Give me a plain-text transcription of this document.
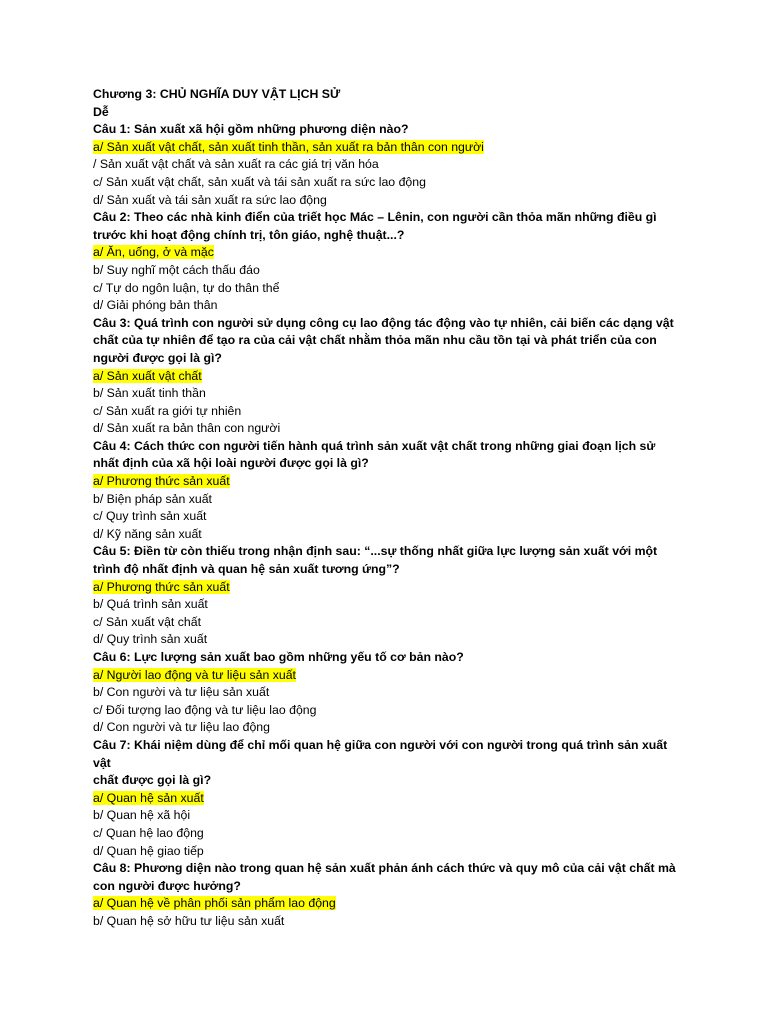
Chương 3: CHỦ NGHĨA DUY VẬT LỊCH SỬ

Dễ

Câu 1: Sản xuất xã hội gồm những phương diện nào?

a/ Sản xuất vật chất, sản xuất tinh thần, sản xuất ra bản thân con người

/ Sản xuất vật chất và sản xuất ra các giá trị văn hóa

c/ Sản xuất vật chất, sản xuất và tái sản xuất ra sức lao động

d/ Sản xuất và tái sản xuất ra sức lao động

Câu 2: Theo các nhà kinh điển của triết học Mác – Lênin, con người cần thỏa mãn những điều gì

trước khi hoạt động chính trị, tôn giáo, nghệ thuật...?

a/ Ăn, uống, ở và mặc

b/ Suy nghĩ một cách thấu đáo

c/ Tự do ngôn luận, tự do thân thể

d/ Giải phóng bản thân

Câu 3: Quá trình con người sử dụng công cụ lao động tác động vào tự nhiên, cải biến các dạng vật

chất của tự nhiên để tạo ra của cải vật chất nhằm thỏa mãn nhu cầu tồn tại và phát triển của con

người được gọi là gì?

a/ Sản xuất vật chất

b/ Sản xuất tinh thần

c/ Sản xuất ra giới tự nhiên

d/ Sản xuất ra bản thân con người

Câu 4: Cách thức con người tiến hành quá trình sản xuất vật chất trong những giai đoạn lịch sử

nhất định của xã hội loài người được gọi là gì?

a/ Phương thức sản xuất

b/ Biện pháp sản xuất

c/ Quy trình sản xuất

d/ Kỹ năng sản xuất

Câu 5: Điền từ còn thiếu trong nhận định sau: “...sự thống nhất giữa lực lượng sản xuất với một

trình độ nhất định và quan hệ sản xuất tương ứng”?

a/ Phương thức sản xuất

b/ Quá trình sản xuất

c/ Sản xuất vật chất

d/ Quy trình sản xuất

Câu 6: Lực lượng sản xuất bao gồm những yếu tố cơ bản nào?

a/ Người lao động và tư liệu sản xuất

b/ Con người và tư liệu sản xuất

c/ Đối tượng lao động và tư liệu lao động

d/ Con người và tư liệu lao động

Câu 7: Khái niệm dùng để chỉ mối quan hệ giữa con người với con người trong quá trình sản xuất

vật

chất được gọi là gì?

a/ Quan hệ sản xuất

b/ Quan hệ xã hội

c/ Quan hệ lao động

d/ Quan hệ giao tiếp

Câu 8: Phương diện nào trong quan hệ sản xuất phản ánh cách thức và quy mô của cải vật chất mà

con người được hưởng?

a/ Quan hệ về phân phối sản phẩm lao động

b/ Quan hệ sở hữu tư liệu sản xuất
